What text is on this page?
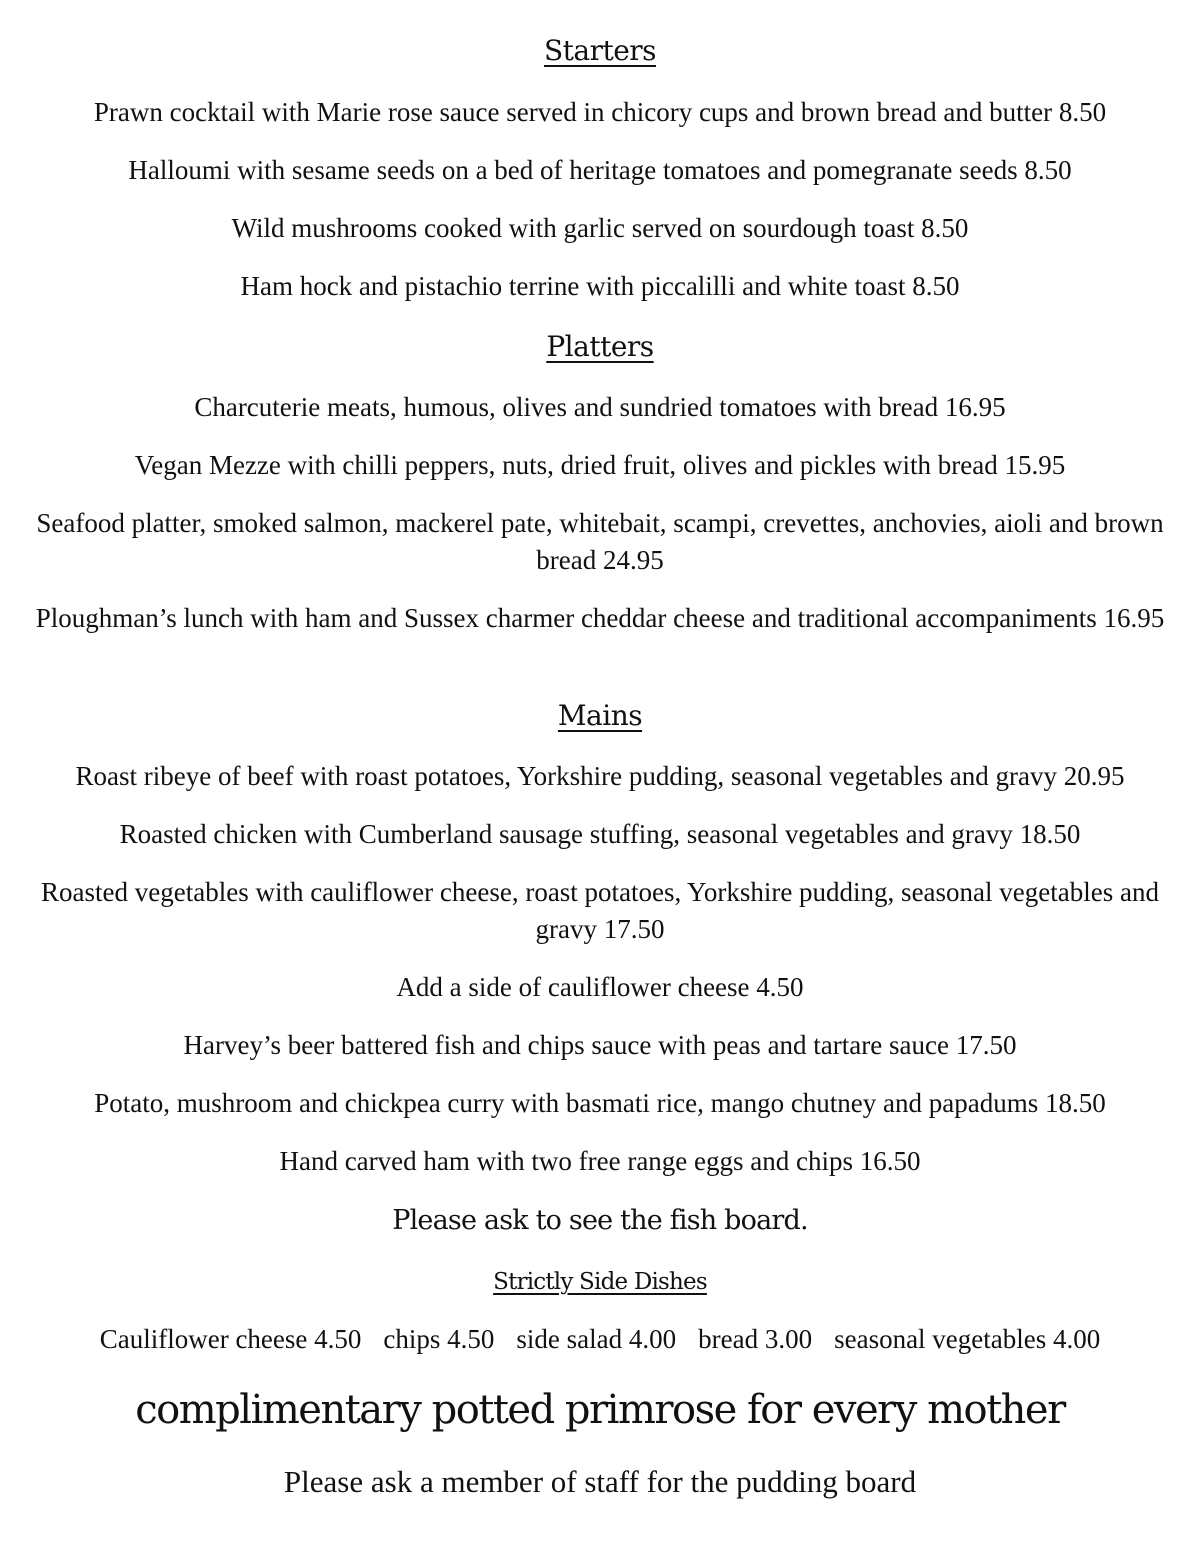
Starters
Prawn cocktail with Marie rose sauce served in chicory cups and brown bread and butter 8.50
Halloumi with sesame seeds on a bed of heritage tomatoes and pomegranate seeds 8.50
Wild mushrooms cooked with garlic served on sourdough toast 8.50
Ham hock and pistachio terrine with piccalilli and white toast 8.50
Platters
Charcuterie meats, humous, olives and sundried tomatoes with bread 16.95
Vegan Mezze with chilli peppers, nuts, dried fruit, olives and pickles with bread 15.95
Seafood platter, smoked salmon, mackerel pate, whitebait, scampi, crevettes, anchovies, aioli and brown bread 24.95
Ploughman’s lunch with ham and Sussex charmer cheddar cheese and traditional accompaniments 16.95
Mains
Roast ribeye of beef with roast potatoes, Yorkshire pudding, seasonal vegetables and gravy 20.95
Roasted chicken with Cumberland sausage stuffing, seasonal vegetables and gravy 18.50
Roasted vegetables with cauliflower cheese, roast potatoes, Yorkshire pudding, seasonal vegetables and gravy 17.50
Add a side of cauliflower cheese 4.50
Harvey’s beer battered fish and chips sauce with peas and tartare sauce 17.50
Potato, mushroom and chickpea curry with basmati rice, mango chutney and papadums 18.50
Hand carved ham with two free range eggs and chips 16.50
Please ask to see the fish board.
Strictly Side Dishes
Cauliflower cheese 4.50 chips 4.50 side salad 4.00 bread 3.00 seasonal vegetables 4.00
complimentary potted primrose for every mother
Please ask a member of staff for the pudding board
